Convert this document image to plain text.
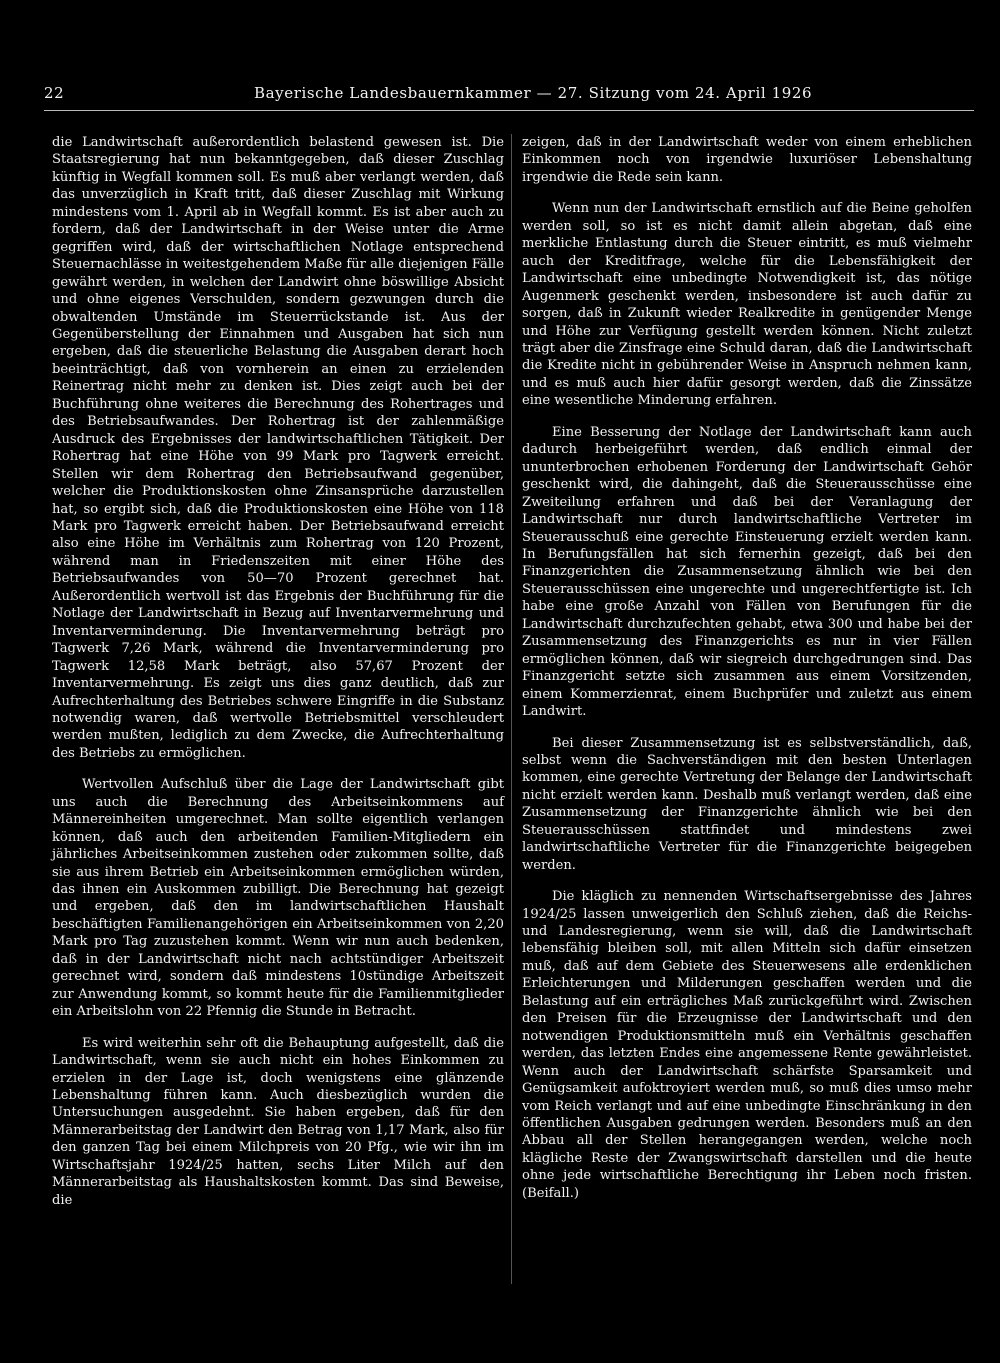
22	Bayerische Landesbauernkammer — 27. Sitzung vom 24. April 1926

die Landwirtschaft außerordentlich belastend gewesen ist. Die Staatsregierung hat nun bekanntgegeben, daß dieser Zuschlag künftig in Wegfall kommen soll. Es muß aber verlangt werden, daß das unverzüglich in Kraft tritt, daß dieser Zuschlag mit Wirkung mindestens vom 1. April ab in Wegfall kommt. Es ist aber auch zu fordern, daß der Landwirtschaft in der Weise unter die Arme gegriffen wird, daß der wirtschaftlichen Notlage entsprechend Steuernachlässe in weitestgehendem Maße für alle diejenigen Fälle gewährt werden, in welchen der Landwirt ohne böswillige Absicht und ohne eigenes Verschulden, sondern gezwungen durch die obwaltenden Umstände im Steuerrückstande ist. Aus der Gegenüberstellung der Einnahmen und Ausgaben hat sich nun ergeben, daß die steuerliche Belastung die Ausgaben derart hoch beeinträchtigt, daß von vornherein an einen zu erzielenden Reinertrag nicht mehr zu denken ist. Dies zeigt auch bei der Buchführung ohne weiteres die Berechnung des Rohertrages und des Betriebsaufwandes. Der Rohertrag ist der zahlenmäßige Ausdruck des Ergebnisses der landwirtschaftlichen Tätigkeit. Der Rohertrag hat eine Höhe von 99 Mark pro Tagwerk erreicht. Stellen wir dem Rohertrag den Betriebsaufwand gegenüber, welcher die Produktionskosten ohne Zinsansprüche darzustellen hat, so ergibt sich, daß die Produktionskosten eine Höhe von 118 Mark pro Tagwerk erreicht haben. Der Betriebsaufwand erreicht also eine Höhe im Verhältnis zum Rohertrag von 120 Prozent, während man in Friedenszeiten mit einer Höhe des Betriebsaufwandes von 50—70 Prozent gerechnet hat. Außerordentlich wertvoll ist das Ergebnis der Buchführung für die Notlage der Landwirtschaft in Bezug auf Inventarvermehrung und Inventarverminderung. Die Inventarvermehrung beträgt pro Tagwerk 7,26 Mark, während die Inventarverminderung pro Tagwerk 12,58 Mark beträgt, also 57,67 Prozent der Inventarvermehrung. Es zeigt uns dies ganz deutlich, daß zur Aufrechterhaltung des Betriebes schwere Eingriffe in die Substanz notwendig waren, daß wertvolle Betriebsmittel verschleudert werden mußten, lediglich zu dem Zwecke, die Aufrechterhaltung des Betriebs zu ermöglichen.

Wertvollen Aufschluß über die Lage der Landwirtschaft gibt uns auch die Berechnung des Arbeitseinkommens auf Männereinheiten umgerechnet. Man sollte eigentlich verlangen können, daß auch den arbeitenden Familien-Mitgliedern ein jährliches Arbeitseinkommen zustehen oder zukommen sollte, daß sie aus ihrem Betrieb ein Arbeitseinkommen ermöglichen würden, das ihnen ein Auskommen zubilligt. Die Berechnung hat gezeigt und ergeben, daß den im landwirtschaftlichen Haushalt beschäftigten Familienangehörigen ein Arbeitseinkommen von 2,20 Mark pro Tag zuzustehen kommt. Wenn wir nun auch bedenken, daß in der Landwirtschaft nicht nach achtstündiger Arbeitszeit gerechnet wird, sondern daß mindestens 10stündige Arbeitszeit zur Anwendung kommt, so kommt heute für die Familienmitglieder ein Arbeitslohn von 22 Pfennig die Stunde in Betracht.

Es wird weiterhin sehr oft die Behauptung aufgestellt, daß die Landwirtschaft, wenn sie auch nicht ein hohes Einkommen zu erzielen in der Lage ist, doch wenigstens eine glänzende Lebenshaltung führen kann. Auch diesbezüglich wurden die Untersuchungen ausgedehnt. Sie haben ergeben, daß für den Männerarbeitstag der Landwirt den Betrag von 1,17 Mark, also für den ganzen Tag bei einem Milchpreis von 20 Pfg., wie wir ihn im Wirtschaftsjahr 1924/25 hatten, sechs Liter Milch auf den Männerarbeitstag als Haushaltskosten kommt. Das sind Beweise, die

zeigen, daß in der Landwirtschaft weder von einem erheblichen Einkommen noch von irgendwie luxuriöser Lebenshaltung irgendwie die Rede sein kann.

Wenn nun der Landwirtschaft ernstlich auf die Beine geholfen werden soll, so ist es nicht damit allein abgetan, daß eine merkliche Entlastung durch die Steuer eintritt, es muß vielmehr auch der Kreditfrage, welche für die Lebensfähigkeit der Landwirtschaft eine unbedingte Notwendigkeit ist, das nötige Augenmerk geschenkt werden, insbesondere ist auch dafür zu sorgen, daß in Zukunft wieder Realkredite in genügender Menge und Höhe zur Verfügung gestellt werden können. Nicht zuletzt trägt aber die Zinsfrage eine Schuld daran, daß die Landwirtschaft die Kredite nicht in gebührender Weise in Anspruch nehmen kann, und es muß auch hier dafür gesorgt werden, daß die Zinssätze eine wesentliche Minderung erfahren.

Eine Besserung der Notlage der Landwirtschaft kann auch dadurch herbeigeführt werden, daß endlich einmal der ununterbrochen erhobenen Forderung der Landwirtschaft Gehör geschenkt wird, die dahingeht, daß die Steuerausschüsse eine Zweiteilung erfahren und daß bei der Veranlagung der Landwirtschaft nur durch landwirtschaftliche Vertreter im Steuerausschuß eine gerechte Einsteuerung erzielt werden kann. In Berufungsfällen hat sich fernerhin gezeigt, daß bei den Finanzgerichten die Zusammensetzung ähnlich wie bei den Steuerausschüssen eine ungerechte und ungerechtfertigte ist. Ich habe eine große Anzahl von Fällen von Berufungen für die Landwirtschaft durchzufechten gehabt, etwa 300 und habe bei der Zusammensetzung des Finanzgerichts es nur in vier Fällen ermöglichen können, daß wir siegreich durchgedrungen sind. Das Finanzgericht setzte sich zusammen aus einem Vorsitzenden, einem Kommerzienrat, einem Buchprüfer und zuletzt aus einem Landwirt.

Bei dieser Zusammensetzung ist es selbstverständlich, daß, selbst wenn die Sachverständigen mit den besten Unterlagen kommen, eine gerechte Vertretung der Belange der Landwirtschaft nicht erzielt werden kann. Deshalb muß verlangt werden, daß eine Zusammensetzung der Finanzgerichte ähnlich wie bei den Steuerausschüssen stattfindet und mindestens zwei landwirtschaftliche Vertreter für die Finanzgerichte beigegeben werden.

Die kläglich zu nennenden Wirtschaftsergebnisse des Jahres 1924/25 lassen unweigerlich den Schluß ziehen, daß die Reichs- und Landesregierung, wenn sie will, daß die Landwirtschaft lebensfähig bleiben soll, mit allen Mitteln sich dafür einsetzen muß, daß auf dem Gebiete des Steuerwesens alle erdenklichen Erleichterungen und Milderungen geschaffen werden und die Belastung auf ein erträgliches Maß zurückgeführt wird. Zwischen den Preisen für die Erzeugnisse der Landwirtschaft und den notwendigen Produktionsmitteln muß ein Verhältnis geschaffen werden, das letzten Endes eine angemessene Rente gewährleistet. Wenn auch der Landwirtschaft schärfste Sparsamkeit und Genügsamkeit aufoktroyiert werden muß, so muß dies umso mehr vom Reich verlangt und auf eine unbedingte Einschränkung in den öffentlichen Ausgaben gedrungen werden. Besonders muß an den Abbau all der Stellen herangegangen werden, welche noch klägliche Reste der Zwangswirtschaft darstellen und die heute ohne jede wirtschaftliche Berechtigung ihr Leben noch fristen. (Beifall.)
